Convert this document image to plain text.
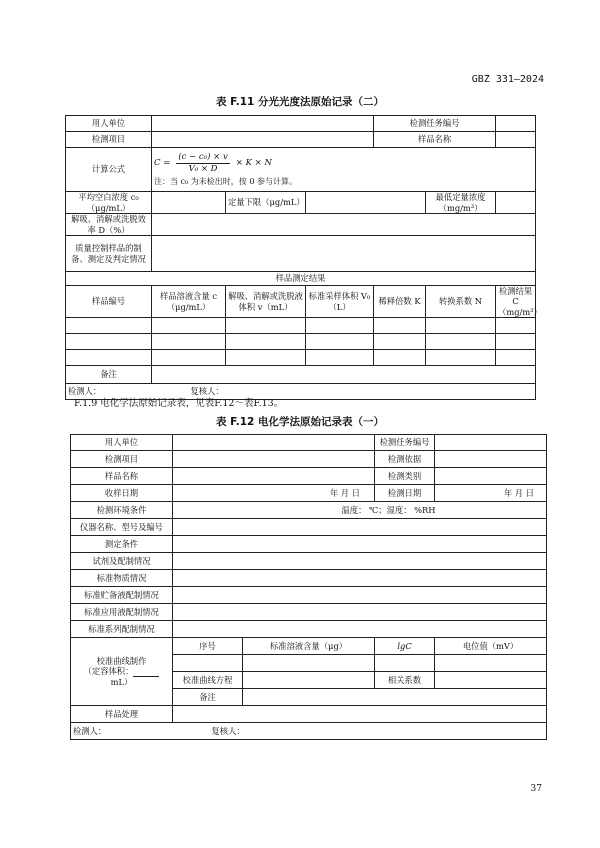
GBZ 331—2024
表 F.11 分光光度法原始记录（二）
用人单位				检测任务编号		
检测项目				样品名称		
计算公式	$C = \frac{\text{(c − c₀) × v}}{\text{V₀ × D}} \times K \times N$
注：当 c₀ 为未检出时，按 0 参与计算。					

平均空白浓度 c₀（μg/mL）		定量下限（μg/mL）			最低定量浓度（mg/m³）	
解吸、消解或洗脱效率 D（%）						
质量控制样品的制备、测定及判定情况						
样品测定结果						
样品编号	样品溶液含量 c（μg/mL）	解吸、消解或洗脱液体积 v（mL）	标准采样体积 V₀（L）	稀释倍数 K	转换系数 N	检测结果 C（mg/m³）

备注						
检测人： 复核人：						
F.1.9 电化学法原始记录表，见表F.12～表F.13。
表 F.12 电化学法原始记录表（一）
用人单位			检测任务编号	
检测项目			检测依据	
样品名称			检测类别	
收样日期	年 月 日		检测日期	年 月 日
检测环境条件	温度： ℃；湿度： %RH			
仪器名称、型号及编号				
测定条件				
试剂及配制情况				
标准物质情况				
标准贮备液配制情况				
标准应用液配制情况				
标准系列配制情况				

校准曲线制作
（定容体积：mL）	序号	标准溶液含量（μg）	lgC	电位值（mV）

	校准曲线方程		相关系数	
	备注			
样品处理				
检测人： 复核人：				
37
